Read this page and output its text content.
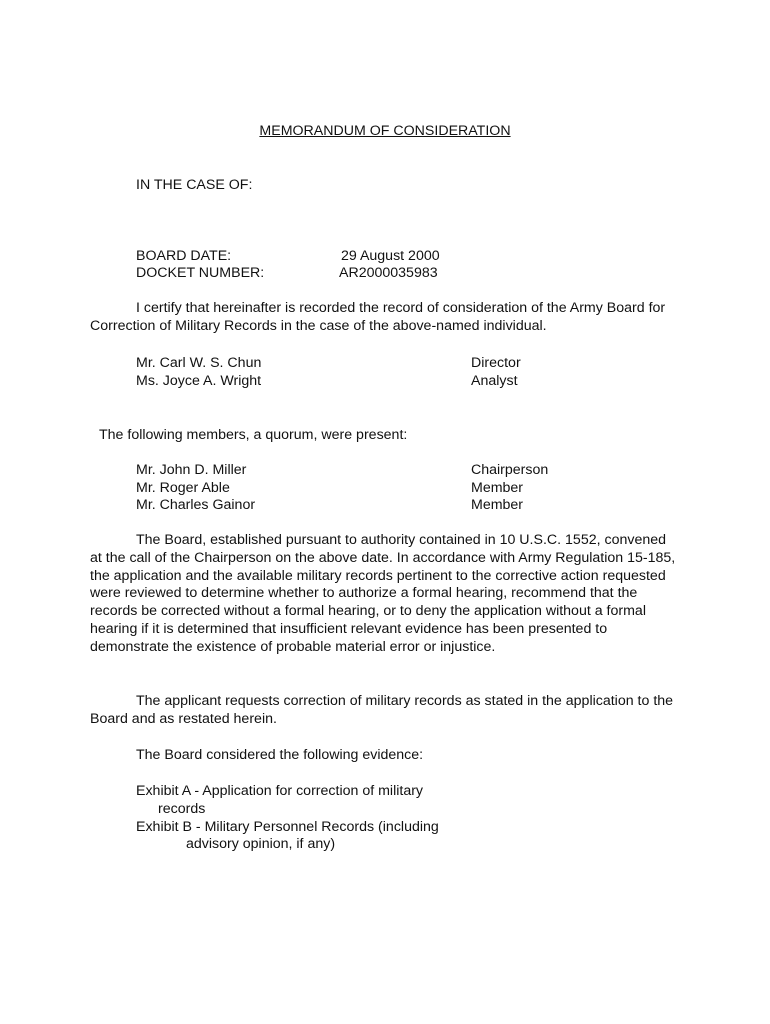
MEMORANDUM OF CONSIDERATION
IN THE CASE OF:
BOARD DATE:	29 August 2000
DOCKET NUMBER:	AR2000035983
I certify that hereinafter is recorded the record of consideration of the Army Board for Correction of Military Records in the case of the above-named individual.
Mr. Carl W. S. Chun	Director
Ms. Joyce A. Wright	Analyst
The following members, a quorum, were present:
Mr. John D. Miller	Chairperson
Mr. Roger Able	Member
Mr. Charles Gainor	Member
The Board, established pursuant to authority contained in 10 U.S.C. 1552, convened at the call of the Chairperson on the above date. In accordance with Army Regulation 15-185, the application and the available military records pertinent to the corrective action requested were reviewed to determine whether to authorize a formal hearing, recommend that the records be corrected without a formal hearing, or to deny the application without a formal hearing if it is determined that insufficient relevant evidence has been presented to demonstrate the existence of probable material error or injustice.
The applicant requests correction of military records as stated in the application to the Board and as restated herein.
The Board considered the following evidence:
Exhibit A - Application for correction of military
records
Exhibit B - Military Personnel Records (including
advisory opinion, if any)
